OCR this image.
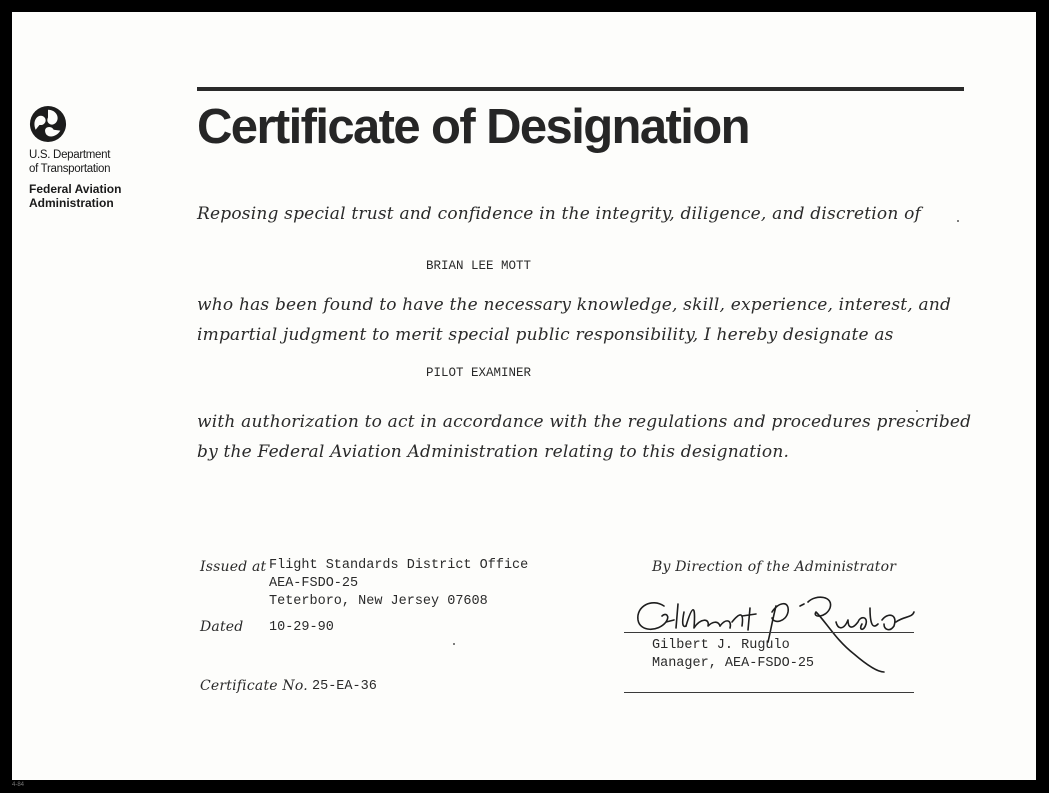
U.S. Department
of Transportation
Federal Aviation
Administration
Certificate of Designation
Reposing special trust and confidence in the integrity, diligence, and discretion of
BRIAN LEE MOTT
who has been found to have the necessary knowledge, skill, experience, interest, and
impartial judgment to merit special public responsibility, I hereby designate as
PILOT EXAMINER
with authorization to act in accordance with the regulations and procedures prescribed
by the Federal Aviation Administration relating to this designation.
Issued at Flight Standards District Office
AEA-FSDO-25
Teterboro, New Jersey 07608
Dated 10-29-90
Certificate No. 25-EA-36
By Direction of the Administrator
Gilbert J. Rugulo
Manager, AEA-FSDO-25
4-84
